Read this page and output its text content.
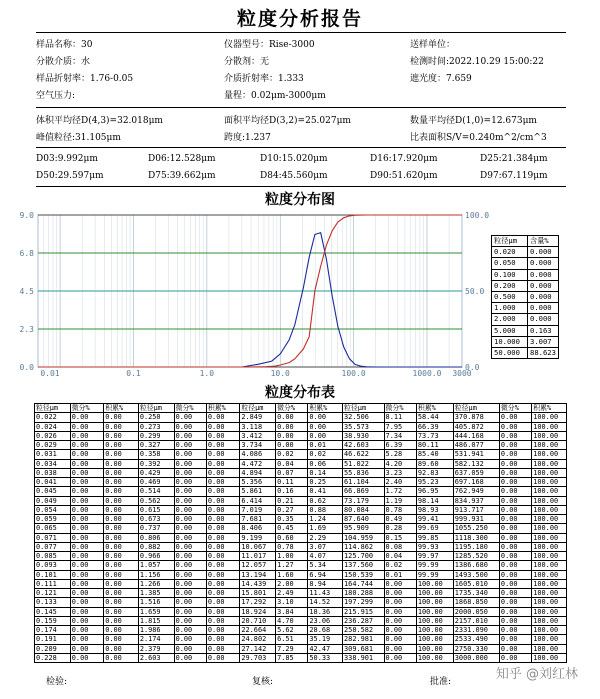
粒度分析报告
样品名称：30	仪器型号：Rise-3000	送样单位：
分散介质：水	分散剂：无	检测时间:2022.10.29 15:00:22
样品折射率：1.76-0.05	介质折射率：1.333	遮光度：7.659
空气压力:	量程：0.02μm-3000μm
体积平均径D(4,3)=32.018μm	面积平均径D(3,2)=25.027μm	数量平均径D(1,0)=12.673μm
峰值粒径:31.105μm	跨度:1.237	比表面积S/V=0.240m^2/cm^3
D03:9.992μm	D06:12.528μm	D10:15.020μm	D16:17.920μm	D25:21.384μm
D50:29.597μm	D75:39.662μm	D84:45.560μm	D90:51.620μm	D97:67.119μm
粒度分布图
0.0
2.3
4.5
6.8
9.0
0.0
50.0
100.0
0.01	0.1	1.0	10.0	100.0	1000.0 3000
粒径μm	含量%
0.020	0.000
0.050	0.000
0.100	0.000
0.200	0.000
0.500	0.000
1.000	0.000
2.000	0.000
5.000	0.163
10.000	3.007
50.000	88.623
粒度分布表
粒径μm	微分%	积累%	粒径μm	微分%	积累%	粒径μm	微分%	积累%	粒径μm	微分%	积累%	粒径μm	微分%	积累%
0.022	0.00	0.00	0.250	0.00	0.00	2.849	0.00	0.00	32.506	8.11	58.44	370.878	0.00	100.00
0.024	0.00	0.00	0.273	0.00	0.00	3.118	0.00	0.00	35.573	7.95	66.39	405.872	0.00	100.00
0.026	0.00	0.00	0.299	0.00	0.00	3.412	0.00	0.00	38.930	7.34	73.73	444.168	0.00	100.00
0.029	0.00	0.00	0.327	0.00	0.00	3.734	0.00	0.01	42.603	6.39	80.11	486.077	0.00	100.00
0.031	0.00	0.00	0.358	0.00	0.00	4.086	0.02	0.02	46.622	5.28	85.40	531.941	0.00	100.00
0.034	0.00	0.00	0.392	0.00	0.00	4.472	0.04	0.06	51.022	4.20	89.60	582.132	0.00	100.00
0.038	0.00	0.00	0.429	0.00	0.00	4.894	0.07	0.14	55.836	3.23	92.83	637.059	0.00	100.00
0.041	0.00	0.00	0.469	0.00	0.00	5.356	0.11	0.25	61.104	2.40	95.23	697.168	0.00	100.00
0.045	0.00	0.00	0.514	0.00	0.00	5.861	0.16	0.41	66.869	1.72	96.95	762.949	0.00	100.00
0.049	0.00	0.00	0.562	0.00	0.00	6.414	0.21	0.62	73.179	1.19	98.14	834.937	0.00	100.00
0.054	0.00	0.00	0.615	0.00	0.00	7.019	0.27	0.88	80.084	0.78	98.93	913.717	0.00	100.00
0.059	0.00	0.00	0.673	0.00	0.00	7.681	0.35	1.24	87.640	0.49	99.41	999.931	0.00	100.00
0.065	0.00	0.00	0.737	0.00	0.00	8.406	0.45	1.69	95.909	0.28	99.69	1055.250	0.00	100.00
0.071	0.00	0.00	0.806	0.00	0.00	9.199	0.60	2.29	104.959	0.15	99.85	1118.300	0.00	100.00
0.077	0.00	0.00	0.882	0.00	0.00	10.067	0.78	3.07	114.862	0.08	99.93	1195.180	0.00	100.00
0.085	0.00	0.00	0.966	0.00	0.00	11.017	1.00	4.07	125.700	0.04	99.97	1285.520	0.00	100.00
0.093	0.00	0.00	1.057	0.00	0.00	12.057	1.27	5.34	137.560	0.02	99.99	1386.680	0.00	100.00
0.101	0.00	0.00	1.156	0.00	0.00	13.194	1.60	6.94	150.539	0.01	99.99	1493.500	0.00	100.00
0.111	0.00	0.00	1.266	0.00	0.00	14.439	2.00	8.94	164.744	0.00	100.00	1605.010	0.00	100.00
0.121	0.00	0.00	1.385	0.00	0.00	15.801	2.49	11.43	180.288	0.00	100.00	1735.340	0.00	100.00
0.133	0.00	0.00	1.516	0.00	0.00	17.292	3.10	14.52	197.299	0.00	100.00	1868.850	0.00	100.00
0.145	0.00	0.00	1.659	0.00	0.00	18.924	3.84	18.36	215.915	0.00	100.00	2000.050	0.00	100.00
0.159	0.00	0.00	1.815	0.00	0.00	20.710	4.70	23.06	236.287	0.00	100.00	2157.010	0.00	100.00
0.174	0.00	0.00	1.986	0.00	0.00	22.664	5.62	28.68	258.582	0.00	100.00	2331.090	0.00	100.00
0.191	0.00	0.00	2.174	0.00	0.00	24.802	6.51	35.19	282.981	0.00	100.00	2533.490	0.00	100.00
0.209	0.00	0.00	2.379	0.00	0.00	27.142	7.29	42.47	309.681	0.00	100.00	2750.330	0.00	100.00
0.228	0.00	0.00	2.603	0.00	0.00	29.703	7.85	50.33	338.901	0.00	100.00	3000.000	0.00	100.00
检验:	复核:	批准:	知乎 @刘红林
